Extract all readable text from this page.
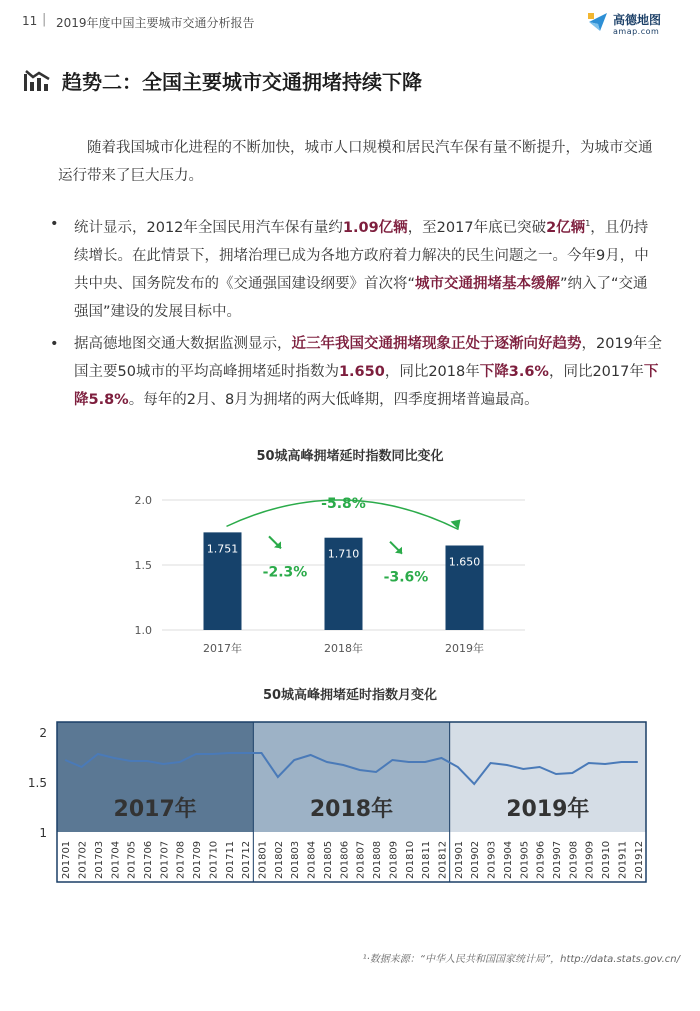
11 | 2019年度中国主要城市交通分析报告	高德地图
amap.com
趋势二：全国主要城市交通拥堵持续下降
随着我国城市化进程的不断加快，城市人口规模和居民汽车保有量不断提升，为城市交通运行带来了巨大压力。
• 统计显示，2012年全国民用汽车保有量约1.09亿辆，至2017年底已突破2亿辆$^1$，且仍持续增长。在此情景下，拥堵治理已成为各地方政府着力解决的民生问题之一。今年9月，中共中央、国务院发布的《交通强国建设纲要》首次将“城市交通拥堵基本缓解”纳入了“交通强国”建设的发展目标中。
• 据高德地图交通大数据监测显示，近三年我国交通拥堵现象正处于逐渐向好趋势，2019年全国主要50城市的平均高峰拥堵延时指数为1.650，同比2018年下降3.6%，同比2017年下降5.8%。每年的2月、8月为拥堵的两大低峰期，四季度拥堵普遍最高。
50城高峰拥堵延时指数同比变化
1.0
1.5
2.0
1.751
2017年
1.710
2018年
1.650
2019年
-2.3%	-3.6%
-5.8%
50城高峰拥堵延时指数月变化
2017年	2018年	2019年
1
1.5
2
201701 201702 201703 201704 201705 201706 201707 201708 201709 201710 201711 201712 201801 201802 201803 201804 201805 201806 201807 201808 201809 201810 201811 201812 201901 201902 201903 201904 201905 201906 201907 201908 201909 201910 201911 201912
¹·数据来源：“中华人民共和国国家统计局”，http://data.stats.gov.cn/
